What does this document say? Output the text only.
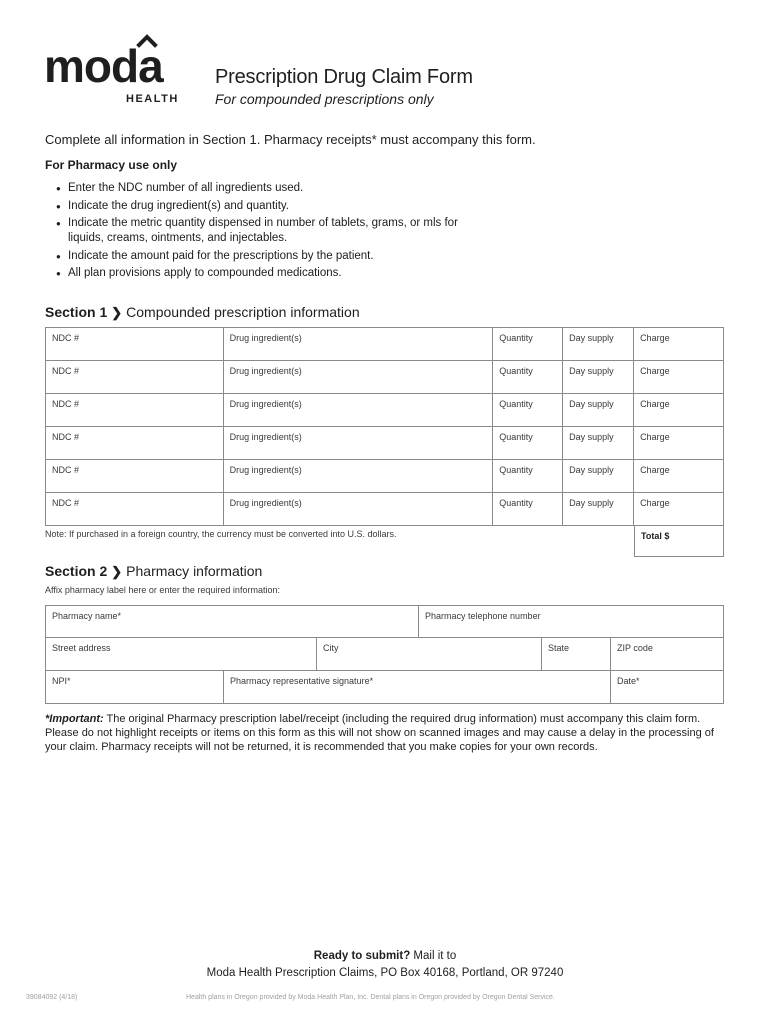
moda
HEALTH
Prescription Drug Claim Form
For compounded prescriptions only
Complete all information in Section 1. Pharmacy receipts* must accompany this form.
For Pharmacy use only
● Enter the NDC number of all ingredients used.
● Indicate the drug ingredient(s) and quantity.
● Indicate the metric quantity dispensed in number of tablets, grams, or mls for liquids, creams, ointments, and injectables.
● Indicate the amount paid for the prescriptions by the patient.
● All plan provisions apply to compounded medications.
Section 1 ❯ Compounded prescription information
NDC #	Drug ingredient(s)	Quantity	Day supply	Charge
NDC #	Drug ingredient(s)	Quantity	Day supply	Charge
NDC #	Drug ingredient(s)	Quantity	Day supply	Charge
NDC #	Drug ingredient(s)	Quantity	Day supply	Charge
NDC #	Drug ingredient(s)	Quantity	Day supply	Charge
NDC #	Drug ingredient(s)	Quantity	Day supply	Charge
Note: If purchased in a foreign country, the currency must be converted into U.S. dollars.	Total $
Section 2 ❯ Pharmacy information
Affix pharmacy label here or enter the required information:
Pharmacy name*	Pharmacy telephone number
Street address	City	State	ZIP code
NPI*	Pharmacy representative signature*	Date*
*Important: The original Pharmacy prescription label/receipt (including the required drug information) must accompany this claim form. Please do not highlight receipts or items on this form as this will not show on scanned images and may cause a delay in the processing of your claim. Pharmacy receipts will not be returned, it is recommended that you make copies for your own records.
Ready to submit? Mail it to
Moda Health Prescription Claims, PO Box 40168, Portland, OR 97240
39084092 (4/18)	Health plans in Oregon provided by Moda Health Plan, Inc. Dental plans in Oregon provided by Oregon Dental Service.
